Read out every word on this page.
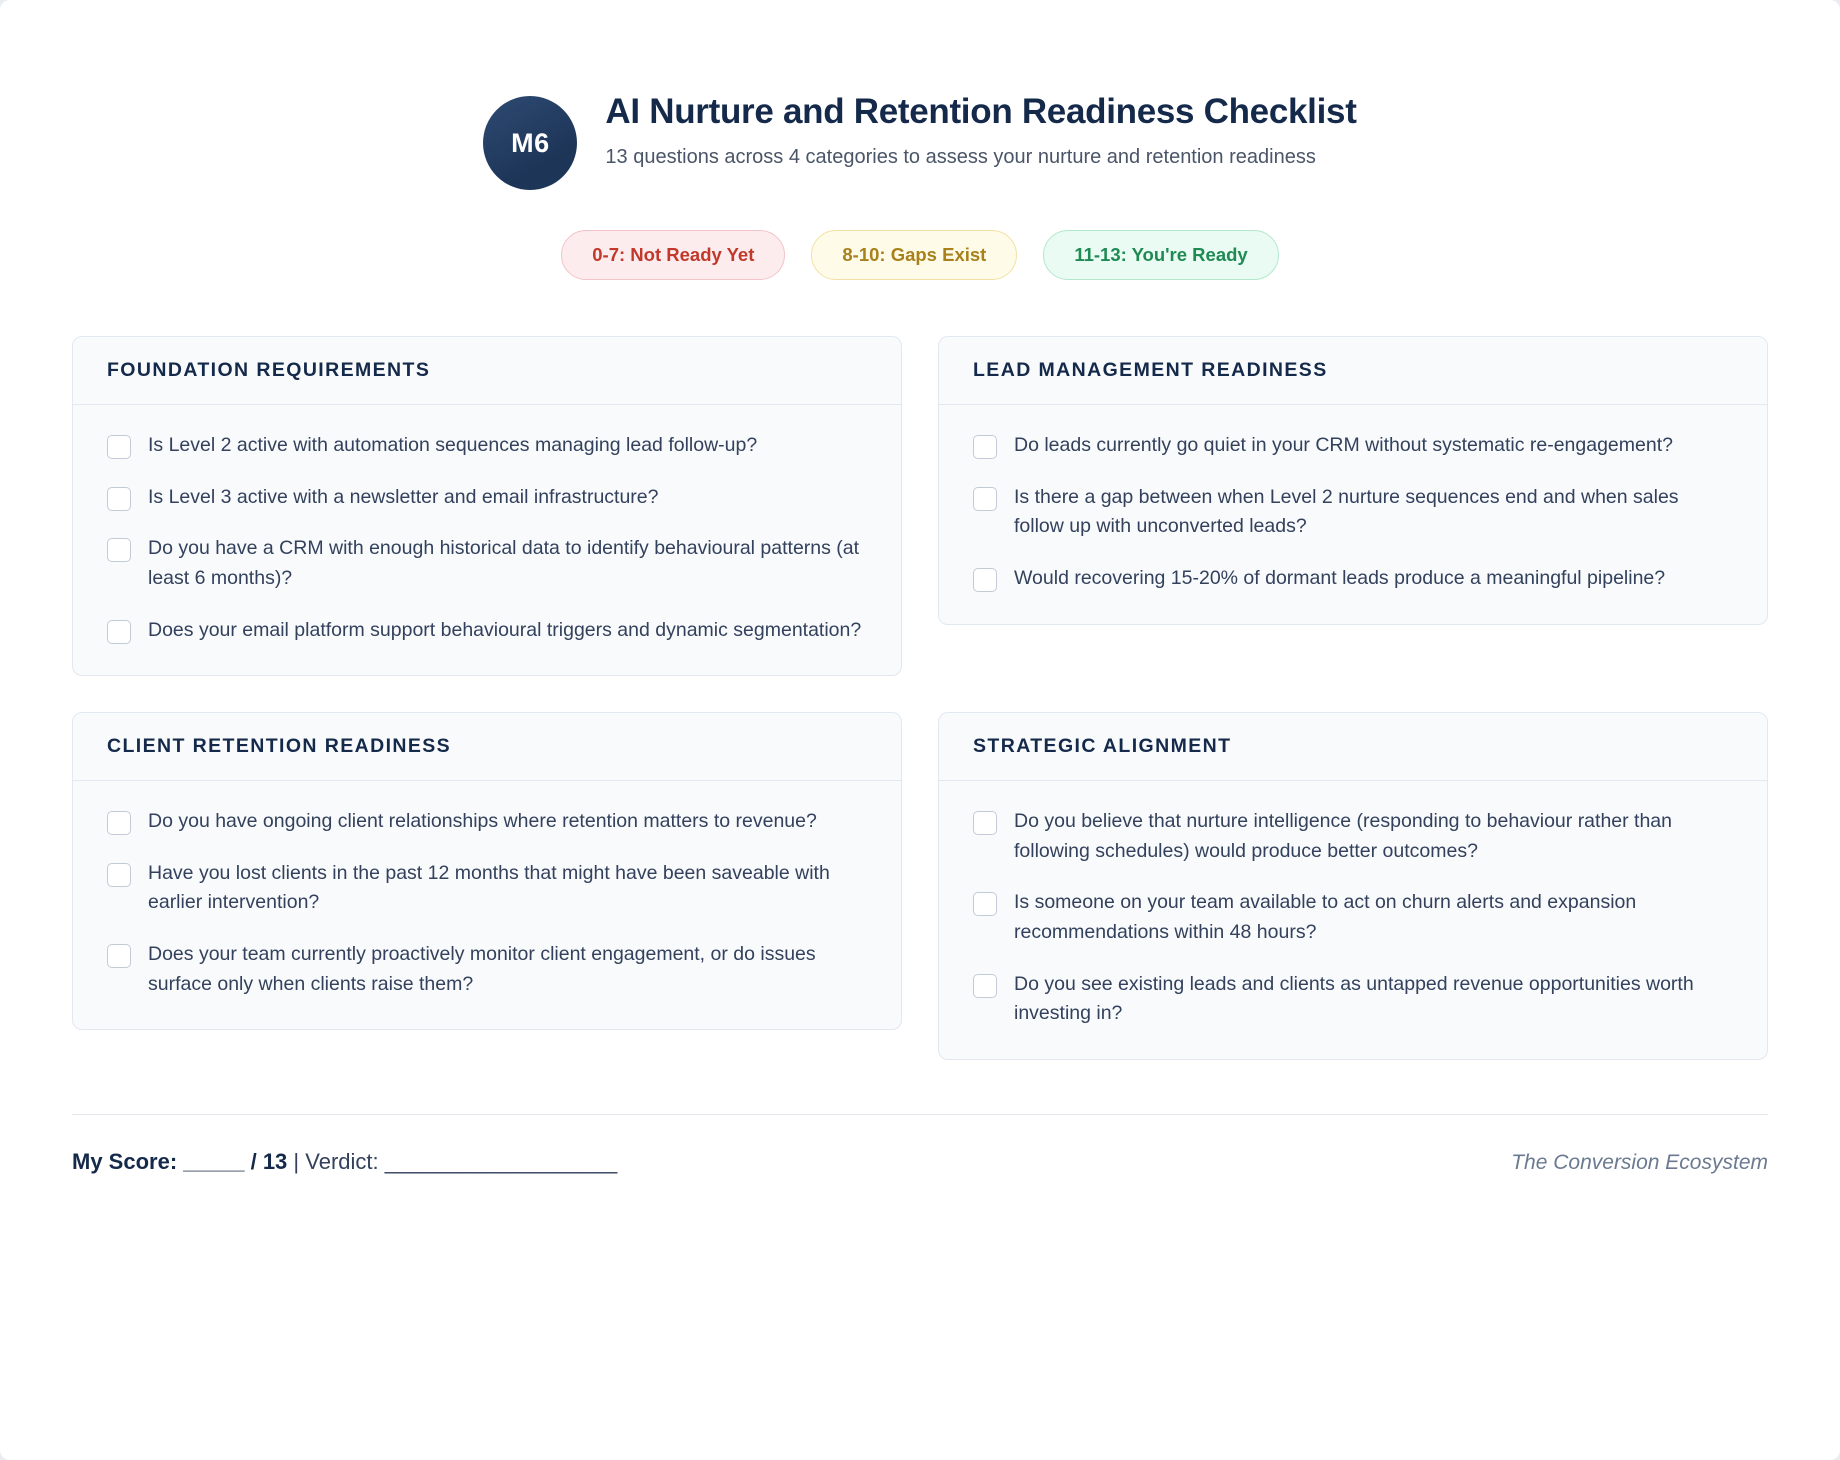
M6
AI Nurture and Retention Readiness Checklist

13 questions across 4 categories to assess your nurture and retention readiness

0-7: Not Ready Yet	8-10: Gaps Exist	11-13: You're Ready
FOUNDATION REQUIREMENTS
Is Level 2 active with automation sequences managing lead follow-up?
Is Level 3 active with a newsletter and email infrastructure?
Do you have a CRM with enough historical data to identify behavioural patterns (at least 6 months)?
Does your email platform support behavioural triggers and dynamic segmentation?
LEAD MANAGEMENT READINESS
Do leads currently go quiet in your CRM without systematic re-engagement?
Is there a gap between when Level 2 nurture sequences end and when sales follow up with unconverted leads?
Would recovering 15-20% of dormant leads produce a meaningful pipeline?
CLIENT RETENTION READINESS
Do you have ongoing client relationships where retention matters to revenue?
Have you lost clients in the past 12 months that might have been saveable with earlier intervention?
Does your team currently proactively monitor client engagement, or do issues surface only when clients raise them?
STRATEGIC ALIGNMENT
Do you believe that nurture intelligence (responding to behaviour rather than following schedules) would produce better outcomes?
Is someone on your team available to act on churn alerts and expansion recommendations within 48 hours?
Do you see existing leads and clients as untapped revenue opportunities worth investing in?
My Score: _____ / 13 | Verdict: ___________________	The Conversion Ecosystem
